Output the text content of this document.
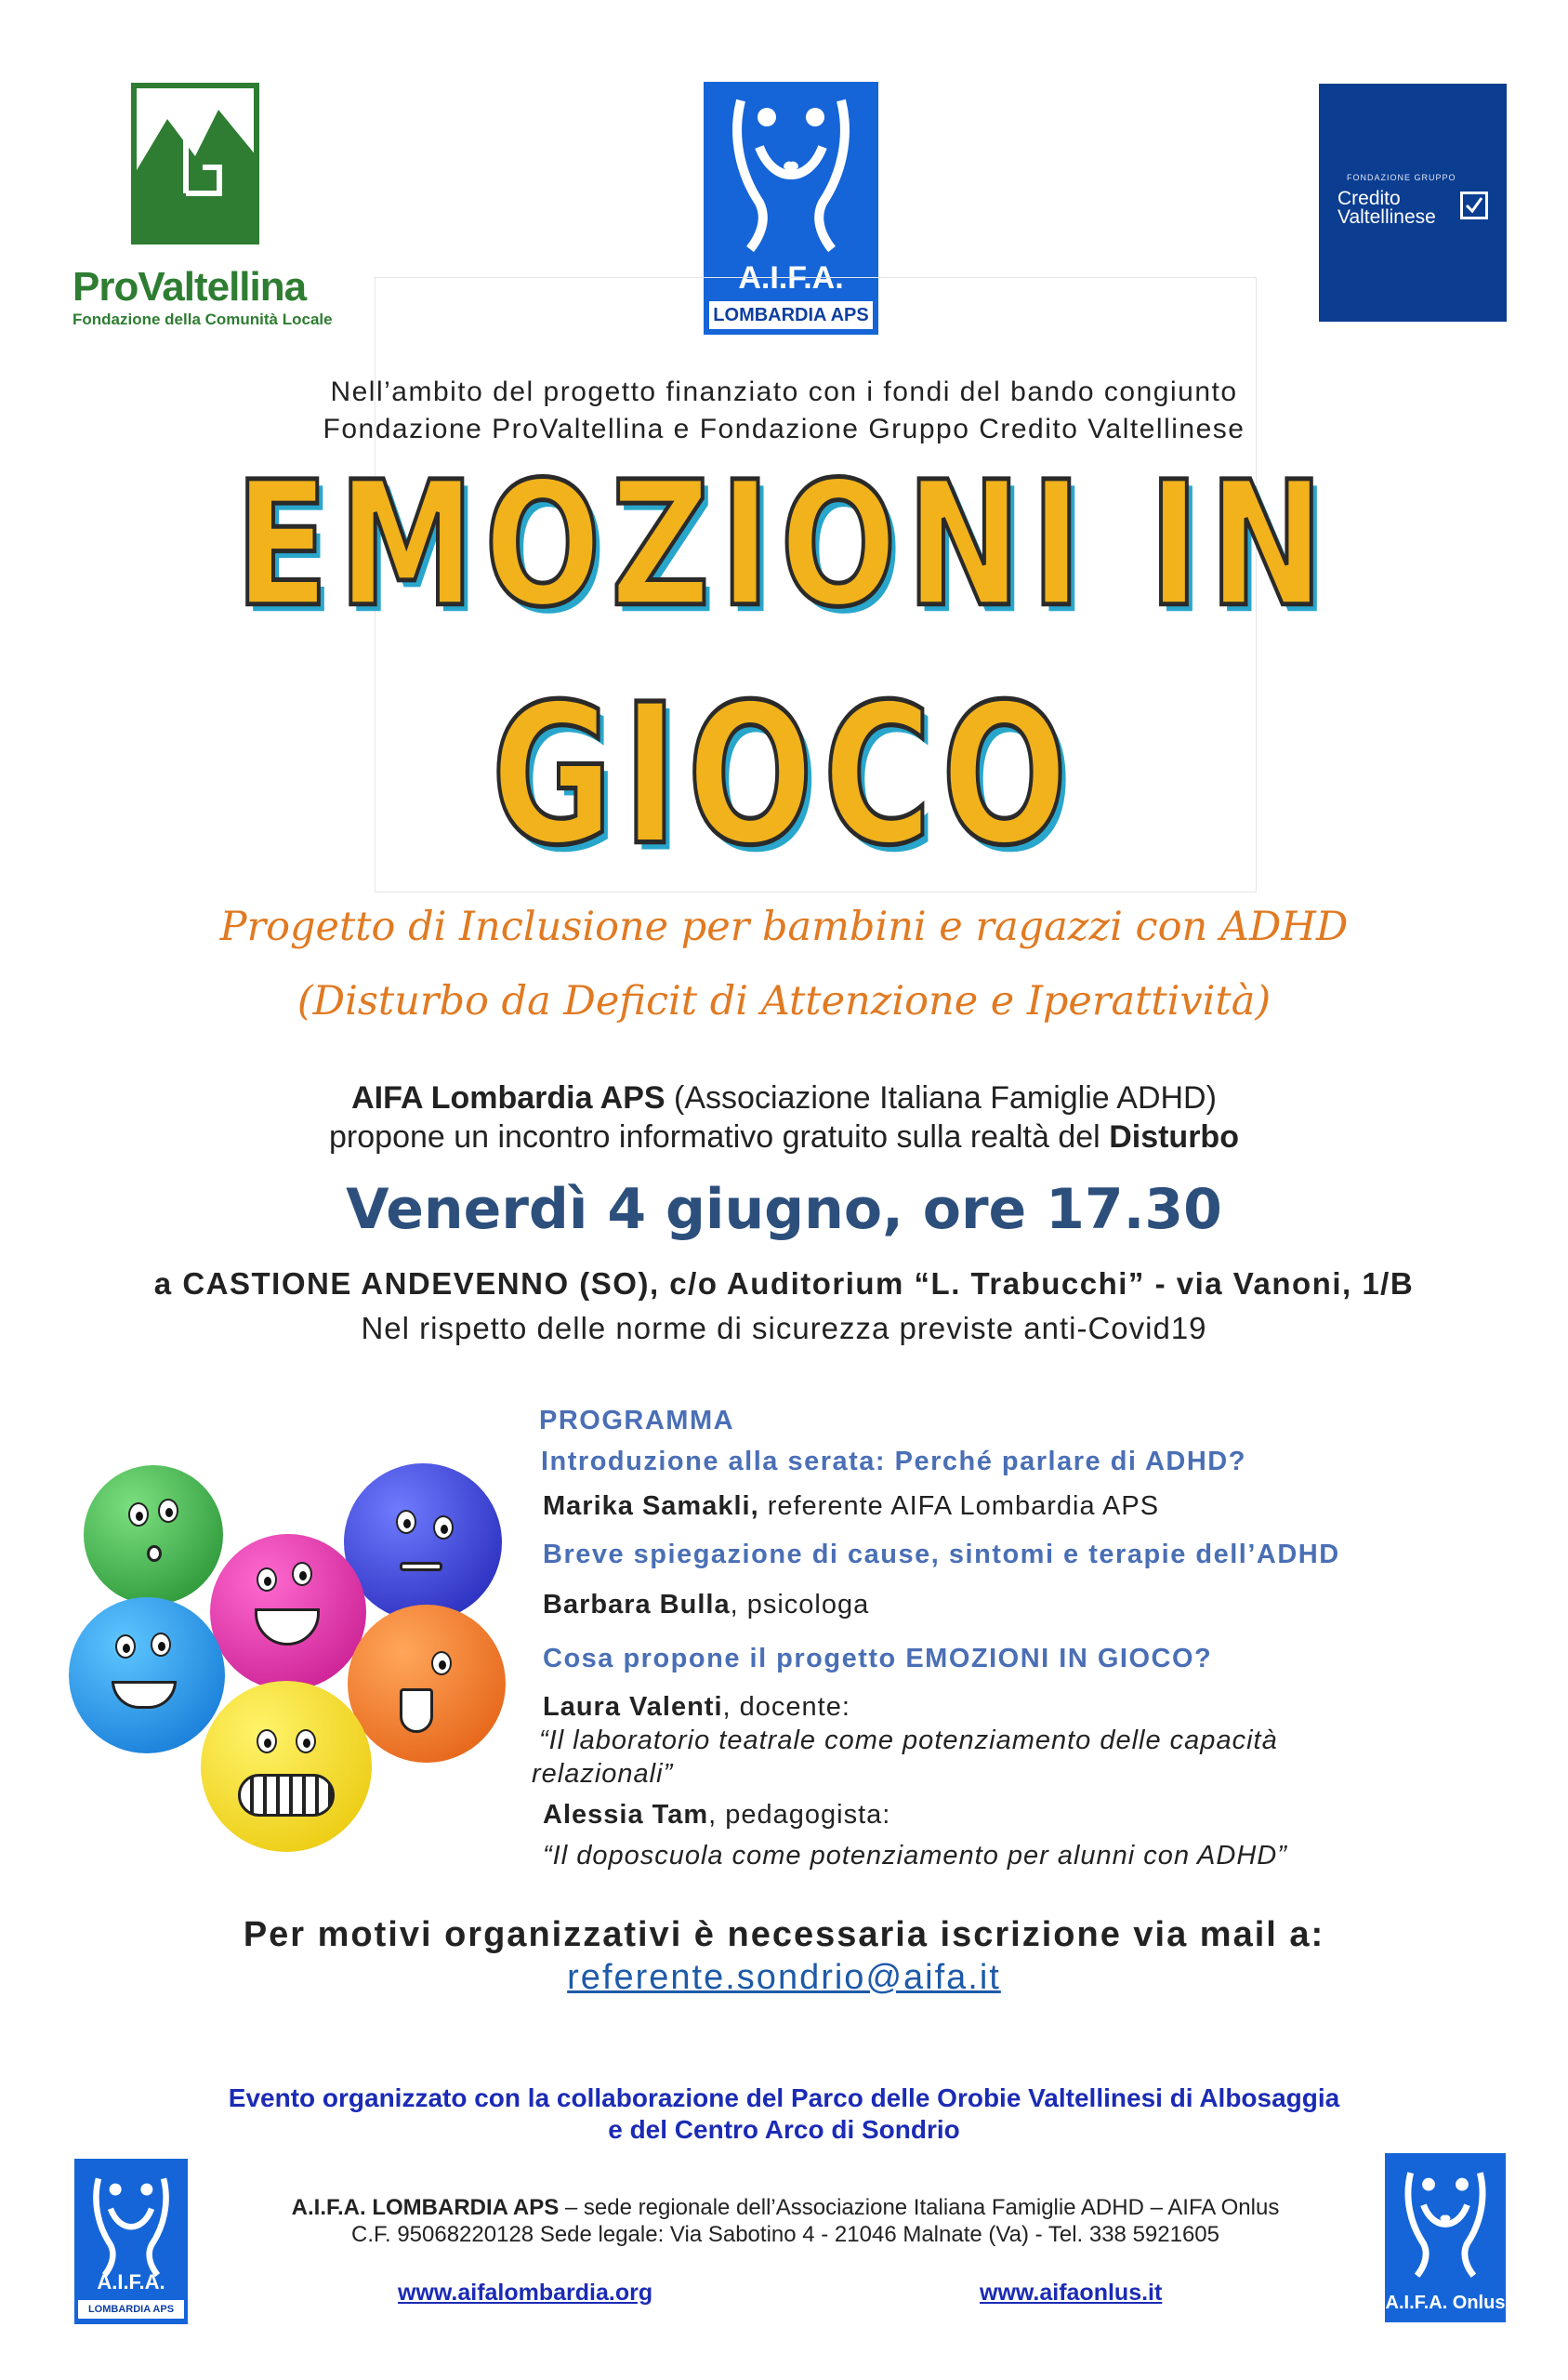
ProValtellina
Fondazione della Comunità Locale
A.I.F.A.
LOMBARDIA APS
FONDAZIONE GRUPPO
Credito
Valtellinese
Nell’ambito del progetto finanziato con i fondi del bando congiunto
Fondazione ProValtellina e Fondazione Gruppo Credito Valtellinese
EMOZIONI IN
GIOCO
Progetto di Inclusione per bambini e ragazzi con ADHD
(Disturbo da Deficit di Attenzione e Iperattività)
AIFA Lombardia APS (Associazione Italiana Famiglie ADHD)
propone un incontro informativo gratuito sulla realtà del Disturbo
Venerdì 4 giugno, ore 17.30
a CASTIONE ANDEVENNO (SO), c/o Auditorium “L. Trabucchi” - via Vanoni, 1/B
Nel rispetto delle norme di sicurezza previste anti-Covid19
PROGRAMMA
Introduzione alla serata: Perché parlare di ADHD?
Marika Samakli, referente AIFA Lombardia APS
Breve spiegazione di cause, sintomi e terapie dell’ADHD
Barbara Bulla, psicologa
Cosa propone il progetto EMOZIONI IN GIOCO?
Laura Valenti, docente:
“Il laboratorio teatrale come potenziamento delle capacità
relazionali”
Alessia Tam, pedagogista:
“Il doposcuola come potenziamento per alunni con ADHD”
Per motivi organizzativi è necessaria iscrizione via mail a:
referente.sondrio@aifa.it
Evento organizzato con la collaborazione del Parco delle Orobie Valtellinesi di Albosaggia
e del Centro Arco di Sondrio
A.I.F.A.
LOMBARDIA APS
A.I.F.A. LOMBARDIA APS – sede regionale dell’Associazione Italiana Famiglie ADHD – AIFA Onlus
C.F. 95068220128 Sede legale: Via Sabotino 4 - 21046 Malnate (Va) - Tel. 338 5921605
www.aifalombardia.org	www.aifaonlus.it	A.I.F.A. Onlus
